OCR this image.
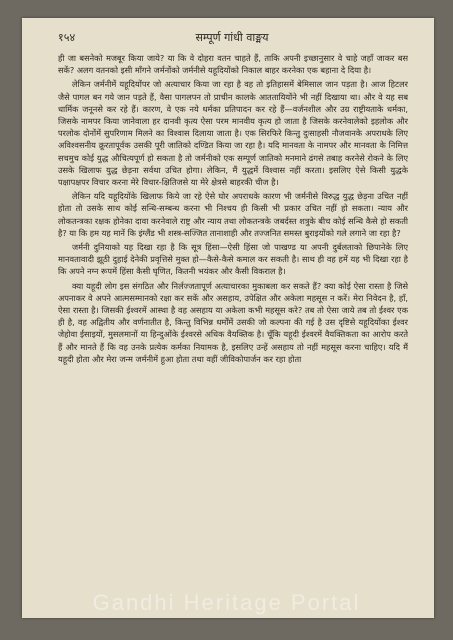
१५४	सम्पूर्ण गांधी वाङ्मय

ही जा बसनेको मजबूर किया जाये? या कि वे दोहरा वतन चाहते हैं, ताकि अपनी इच्छानुसार वे चाहे जहाँ जाकर बस सकें? अलग वतनको इसी माँगने जर्मनोंको जर्मनीसे यहूदियोंको निकाल बाहर करनेका एक बहाना दे दिया है।

लेकिन जर्मनीमें यहूदियोंपर जो अत्याचार किया जा रहा है वह तो इतिहासमें बेमिसाल जान पड़ता है। आज हिटलर जैसे पागल बन गये जान पड़ते हैं, वैसा पागलपन तो प्राचीन कालके आततायियोंने भी नहीं दिखाया था। और वे यह सब धार्मिक जनूनसे कर रहे हैं। कारण, वे एक नये धर्मका प्रतिपादन कर रहे हैं—वर्जनशील और उग्र राष्ट्रीयताके धर्मका, जिसके नामपर किया जानेवाला हर दानवी कृत्य ऐसा परम मानवीय कृत्य हो जाता है जिसके करनेवालेको इहलोक और परलोक दोनोंमें सुपरिणाम मिलने का विश्वास दिलाया जाता है। एक सिरफिरे किन्तु दुःसाहसी नौजवानके अपराधके लिए अविश्वसनीय क्रूरतापूर्वक उसकी पूरी जातिको दण्डित किया जा रहा है। यदि मानवता के नामपर और मानवता के निमित्त सचमुच कोई युद्ध औचित्यपूर्ण हो सकता है तो जर्मनीको एक सम्पूर्ण जातिको मनमाने ढंगसे तबाह करनेसे रोकने के लिए उसके खिलाफ युद्ध छेड़ना सर्वथा उचित होगा। लेकिन, मैं युद्धमें विश्वास नहीं करता। इसलिए ऐसे किसी युद्धके पक्षापक्षपर विचार करना मेरे विचार-क्षितिजसे या मेरे क्षेत्रसे बाहरकी चीज है।

लेकिन यदि यहूदियोंके खिलाफ किये जा रहे ऐसे घोर अपराधके कारण भी जर्मनीसे विरुद्ध युद्ध छेड़ना उचित नहीं होता तो उसके साथ कोई सन्धि-सम्बन्ध करना भी निश्चय ही किसी भी प्रकार उचित नहीं हो सकता। न्याय और लोकतन्त्रका रक्षक होनेका दावा करनेवाले राष्ट्र और न्याय तथा लोकतन्त्रके जबर्दस्त शत्रुके बीच कोई सन्धि कैसे हो सकती है? या कि हम यह मानें कि इंग्लैंड भी शस्त्र-सज्जित तानाशाही और तज्जनित समस्त बुराइयोंको गले लगाने जा रहा है?

जर्मनी दुनियाको यह दिखा रहा है कि सूत्र हिंसा—ऐसी हिंसा जो पाखण्ड या अपनी दुर्बलताको छिपानेके लिए मानवतावादी झूठी दुहाई देनेकी प्रवृत्तिसे मुक्त हो—कैसे-कैसे कमाल कर सकती है। साथ ही वह हमें यह भी दिखा रहा है कि अपने नग्न रूपमें हिंसा कैसी घृणित, कितनी भयंकर और कैसी विकराल है।

क्या यहूदी लोग इस संगठित और निर्लज्जतापूर्ण अत्याचारका मुकाबला कर सकते हैं? क्या कोई ऐसा रास्ता है जिसे अपनाकर वे अपने आत्मसम्मानको रक्षा कर सकें और असहाय, उपेक्षित और अकेला महसूस न करें। मेरा निवेदन है, हाँ, ऐसा रास्ता है। जिसकी ईश्वरमें आस्था है वह असहाय या अकेला कभी महसूस करे? तब तो ऐसा जाये तब तो ईश्वर एक ही है, वह अद्वितीय और वर्णनातीत है, किन्तु विभिन्न धर्मोंमें उसकी जो कल्पना की गई है उस दृष्टिसे यहूदियोंका ईश्वर जेहोवा ईसाइयों, मुसलमानों या हिन्दुओंके ईश्वरसे अधिक वैयक्तिक है। चूँकि यहूदी ईश्वरमें वैयक्तिकता का आरोप करते हैं और मानते हैं कि वह उनके प्रत्येक कर्मका नियामक है, इसलिए उन्हें असहाय तो नहीं महसूस करना चाहिए। यदि मैं यहूदी होता और मेरा जन्म जर्मनीमें हुआ होता तथा वहीं जीविकोपार्जन कर रहा होता

Gandhi Heritage Portal
